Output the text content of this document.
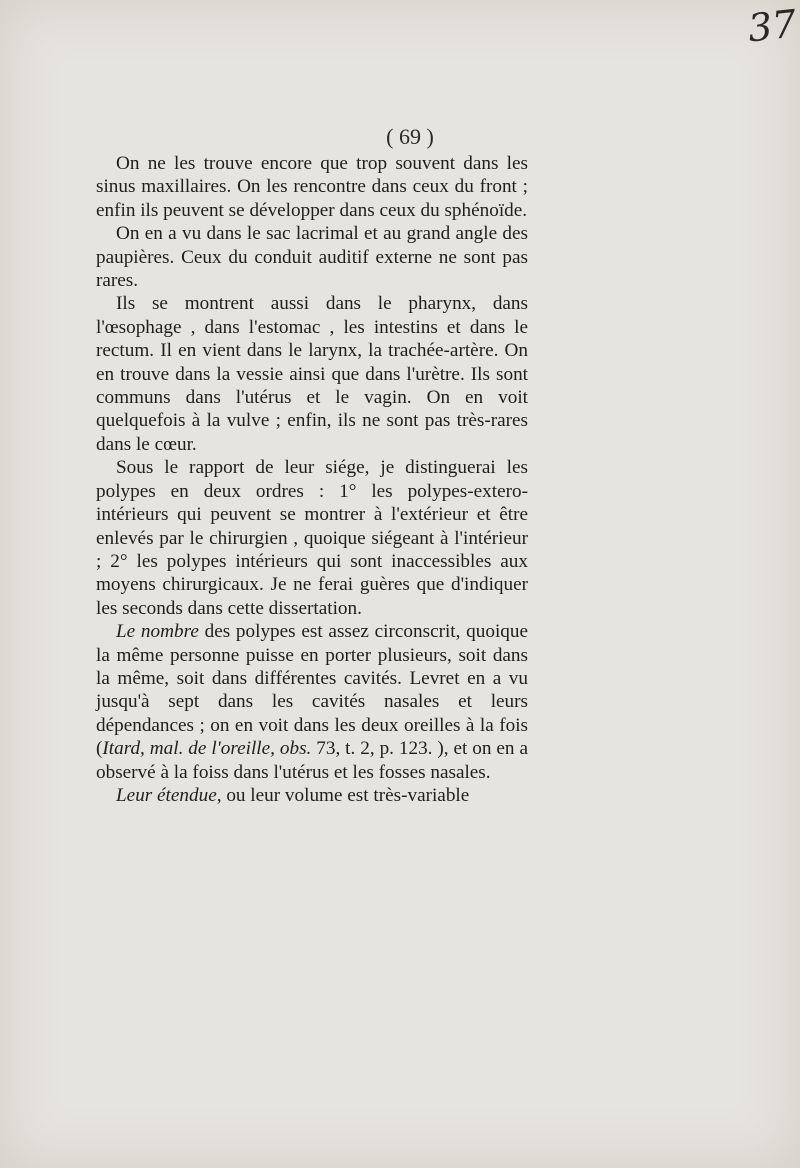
37
( 69 )

On ne les trouve encore que trop souvent dans les sinus maxillaires. On les rencontre dans ceux du front ; enfin ils peuvent se développer dans ceux du sphénoïde.

On en a vu dans le sac lacrimal et au grand angle des paupières. Ceux du conduit auditif externe ne sont pas rares.

Ils se montrent aussi dans le pharynx, dans l'œsophage , dans l'estomac , les intestins et dans le rectum. Il en vient dans le larynx, la trachée-artère. On en trouve dans la vessie ainsi que dans l'urètre. Ils sont communs dans l'utérus et le vagin. On en voit quelquefois à la vulve ; enfin, ils ne sont pas très-rares dans le cœur.

Sous le rapport de leur siége, je distinguerai les polypes en deux ordres : 1° les polypes-extero-intérieurs qui peuvent se montrer à l'extérieur et être enlevés par le chirurgien , quoique siégeant à l'intérieur ; 2° les polypes intérieurs qui sont inaccessibles aux moyens chirurgicaux. Je ne ferai guères que d'indiquer les seconds dans cette dissertation.

Le nombre des polypes est assez circonscrit, quoique la même personne puisse en porter plusieurs, soit dans la même, soit dans différentes cavités. Levret en a vu jusqu'à sept dans les cavités nasales et leurs dépendances ; on en voit dans les deux oreilles à la fois (Itard, mal. de l'oreille, obs. 73, t. 2, p. 123. ), et on en a observé à la foiss dans l'utérus et les fosses nasales.

Leur étendue, ou leur volume est très-variable
